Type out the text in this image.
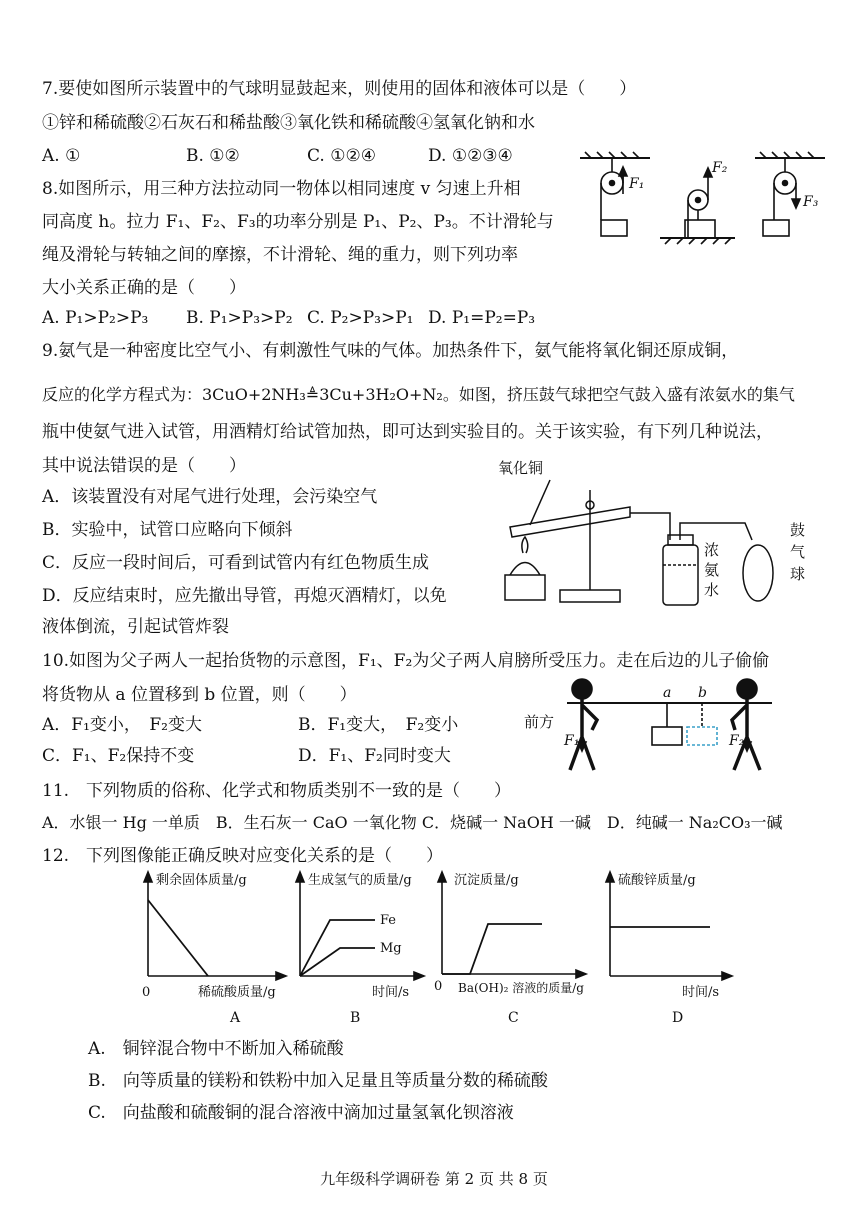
7.要使如图所示装置中的气球明显鼓起来，则使用的固体和液体可以是（　　）
①锌和稀硫酸②石灰石和稀盐酸③氧化铁和稀硫酸④氢氧化钠和水
A. ①	B. ①②	C. ①②④	D. ①②③④
8.如图所示，用三种方法拉动同一物体以相同速度 v 匀速上升相
同高度 h。拉力 F₁、F₂、F₃的功率分别是 P₁、P₂、P₃。不计滑轮与
绳及滑轮与转轴之间的摩擦，不计滑轮、绳的重力，则下列功率
大小关系正确的是（　　）
A. P₁>P₂>P₃ B. P₁>P₃>P₂ C. P₂>P₃>P₁ D. P₁=P₂=P₃
F₁
F₂
F₃
9.氨气是一种密度比空气小、有刺激性气味的气体。加热条件下，氨气能将氧化铜还原成铜，
反应的化学方程式为：3CuO+2NH₃≜3Cu+3H₂O+N₂。如图，挤压鼓气球把空气鼓入盛有浓氨水的集气
瓶中使氨气进入试管，用酒精灯给试管加热，即可达到实验目的。关于该实验，有下列几种说法，
其中说法错误的是（　　）
A．该装置没有对尾气进行处理，会污染空气
B．实验中，试管口应略向下倾斜
C．反应一段时间后，可看到试管内有红色物质生成
D．反应结束时，应先撤出导管，再熄灭酒精灯，以免
液体倒流，引起试管炸裂
氧化铜
浓
氨
水
鼓
气
球
10.如图为父子两人一起抬货物的示意图，F₁、F₂为父子两人肩膀所受压力。走在后边的儿子偷偷
将货物从 a 位置移到 b 位置，则（　　）
A．F₁变小，　F₂变大	B．F₁变大，　F₂变小
C．F₁、F₂保持不变	D．F₁、F₂同时变大
前方
a b
F₁	F₂
11.　下列物质的俗称、化学式和物质类别不一致的是（　　）
A．水银一 Hg 一单质　B．生石灰一 CaO 一氧化物 C．烧碱一 NaOH 一碱　D．纯碱一 Na₂CO₃一碱
12.　下列图像能正确反映对应变化关系的是（　　）
剩余固体质量/g
0	稀硫酸质量/g
A
生成氢气的质量/g
Fe
Mg
时间/s
B
沉淀质量/g
0 Ba(OH)₂ 溶液的质量/g
C
硫酸锌质量/g
时间/s
D
A.　铜锌混合物中不断加入稀硫酸
B.　向等质量的镁粉和铁粉中加入足量且等质量分数的稀硫酸
C.　向盐酸和硫酸铜的混合溶液中滴加过量氢氧化钡溶液
九年级科学调研卷 第 2 页 共 8 页
